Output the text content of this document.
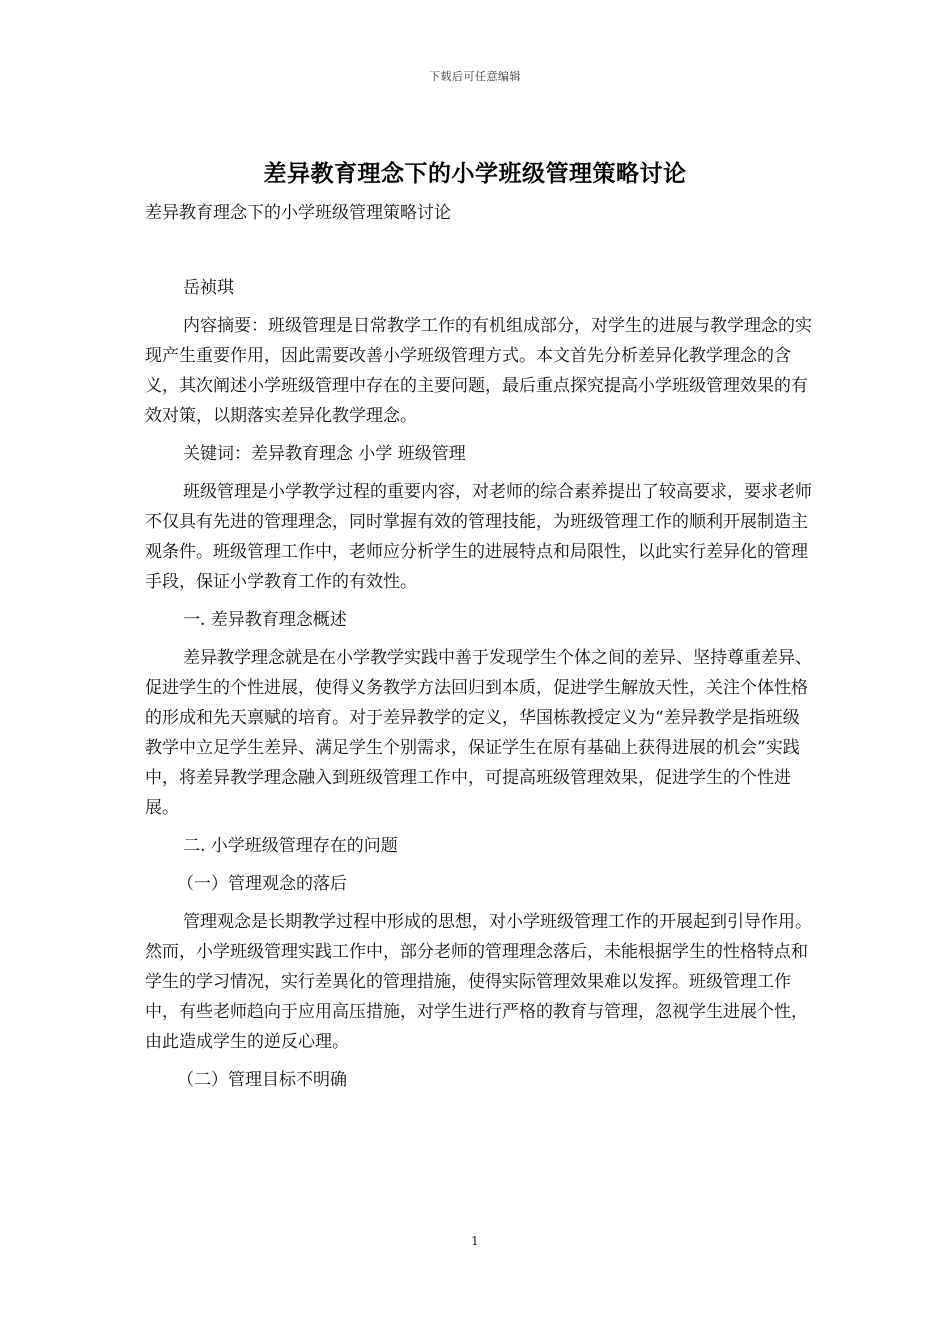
下载后可任意编辑
差异教育理念下的小学班级管理策略讨论

差异教育理念下的小学班级管理策略讨论

岳祯琪

内容摘要：班级管理是日常教学工作的有机组成部分，对学生的进展与教学理念的实现产生重要作用，因此需要改善小学班级管理方式。本文首先分析差异化教学理念的含义，其次阐述小学班级管理中存在的主要问题，最后重点探究提高小学班级管理效果的有效对策，以期落实差异化教学理念。

关键词：差异教育理念 小学 班级管理

班级管理是小学教学过程的重要内容，对老师的综合素养提出了较高要求，要求老师不仅具有先进的管理理念，同时掌握有效的管理技能，为班级管理工作的顺利开展制造主观条件。班级管理工作中，老师应分析学生的进展特点和局限性，以此实行差异化的管理手段，保证小学教育工作的有效性。

一. 差异教育理念概述

差异教学理念就是在小学教学实践中善于发现学生个体之间的差异、坚持尊重差异、促进学生的个性进展，使得义务教学方法回归到本质，促进学生解放天性，关注个体性格的形成和先天禀赋的培育。对于差异教学的定义，华国栋教授定义为“差异教学是指班级教学中立足学生差异、满足学生个别需求，保证学生在原有基础上获得进展的机会”实践中，将差异教学理念融入到班级管理工作中，可提高班级管理效果，促进学生的个性进展。

二. 小学班级管理存在的问题

（一）管理观念的落后

管理观念是长期教学过程中形成的思想，对小学班级管理工作的开展起到引导作用。然而，小学班级管理实践工作中，部分老师的管理理念落后，未能根据学生的性格特点和学生的学习情况，实行差異化的管理措施，使得实际管理效果难以发挥。班级管理工作中，有些老师趋向于应用高压措施，对学生进行严格的教育与管理，忽视学生进展个性，由此造成学生的逆反心理。

（二）管理目标不明确

1
